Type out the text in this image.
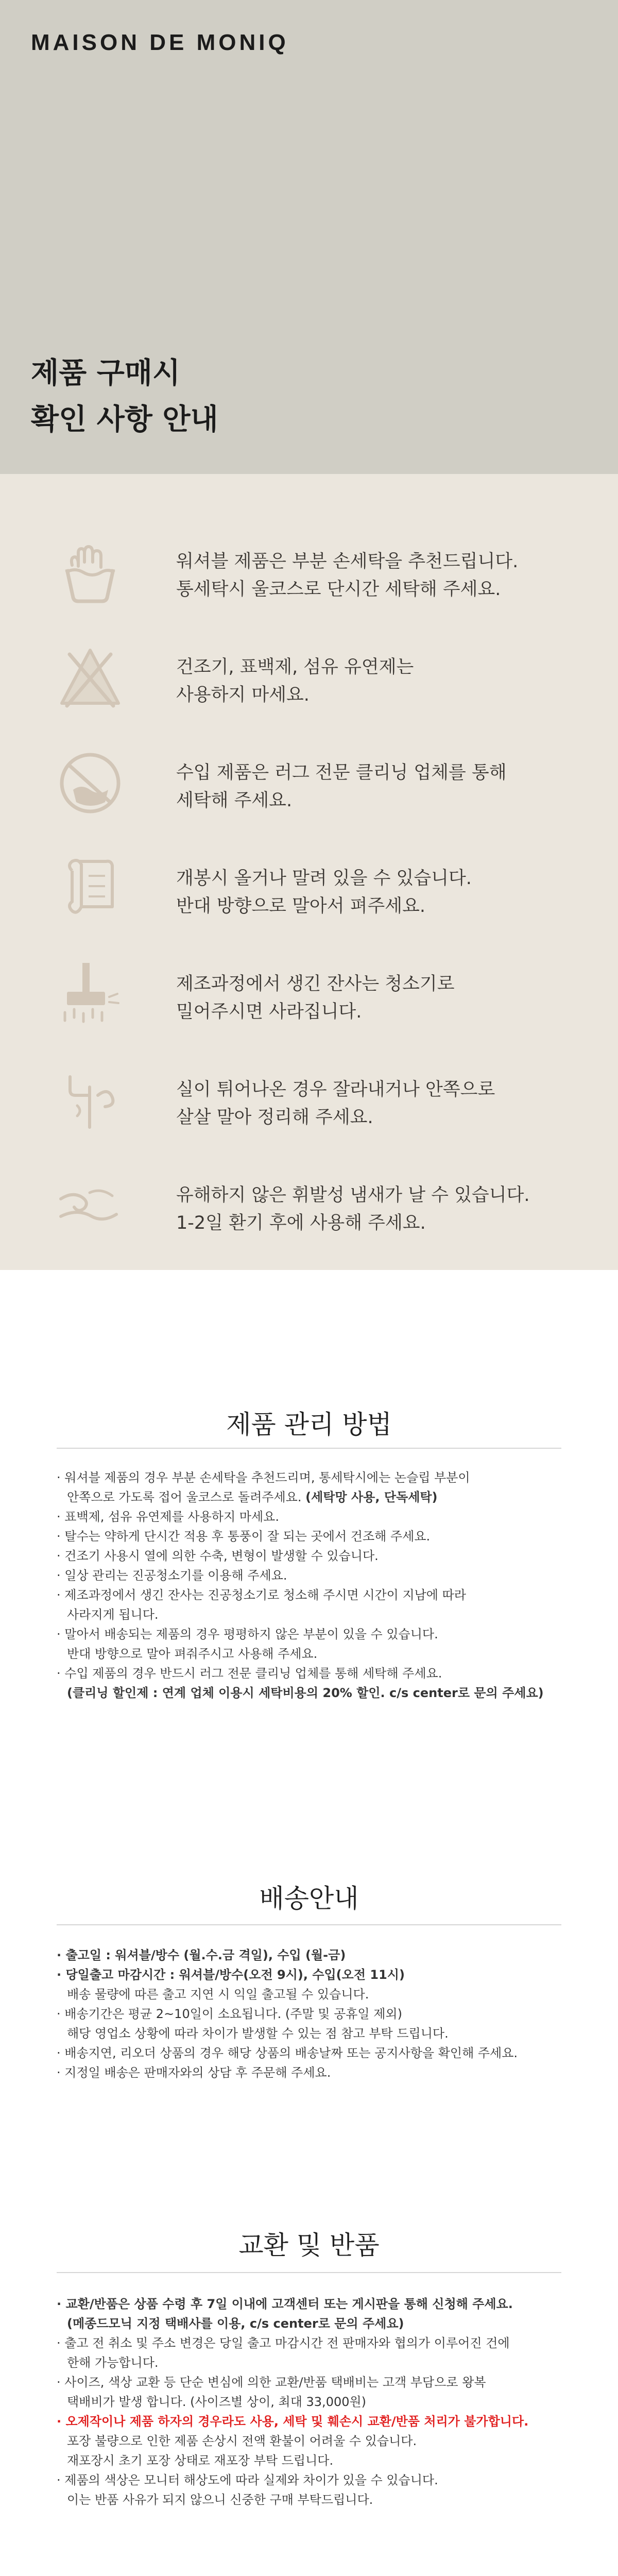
MAISON DE MONIQ
제품 구매시
확인 사항 안내
워셔블 제품은 부분 손세탁을 추천드립니다.
통세탁시 울코스로 단시간 세탁해 주세요.
건조기, 표백제, 섬유 유연제는
사용하지 마세요.
수입 제품은 러그 전문 클리닝 업체를 통해
세탁해 주세요.
개봉시 올거나 말려 있을 수 있습니다.
반대 방향으로 말아서 펴주세요.
제조과정에서 생긴 잔사는 청소기로
밀어주시면 사라집니다.
실이 튀어나온 경우 잘라내거나 안쪽으로
살살 말아 정리해 주세요.
유해하지 않은 휘발성 냄새가 날 수 있습니다.
1-2일 환기 후에 사용해 주세요.
제품 관리 방법
· 워셔블 제품의 경우 부분 손세탁을 추천드리며, 통세탁시에는 논슬립 부분이
안쪽으로 가도록 접어 울코스로 돌려주세요. (세탁망 사용, 단독세탁)
· 표백제, 섬유 유연제를 사용하지 마세요.
· 탈수는 약하게 단시간 적용 후 통풍이 잘 되는 곳에서 건조해 주세요.
· 건조기 사용시 열에 의한 수축, 변형이 발생할 수 있습니다.
· 일상 관리는 진공청소기를 이용해 주세요.
· 제조과정에서 생긴 잔사는 진공청소기로 청소해 주시면 시간이 지남에 따라
사라지게 됩니다.
· 말아서 배송되는 제품의 경우 평평하지 않은 부분이 있을 수 있습니다.
반대 방향으로 말아 펴줘주시고 사용해 주세요.
· 수입 제품의 경우 반드시 러그 전문 클리닝 업체를 통해 세탁해 주세요.
(클리닝 할인제 : 연계 업체 이용시 세탁비용의 20% 할인. c/s center로 문의 주세요)
배송안내
· 출고일 : 워셔블/방수 (월.수.금 격일), 수입 (월-금)
· 당일출고 마감시간 : 워셔블/방수(오전 9시), 수입(오전 11시)
배송 물량에 따른 출고 지연 시 익일 출고될 수 있습니다.
· 배송기간은 평균 2~10일이 소요됩니다. (주말 및 공휴일 제외)
해당 영업소 상황에 따라 차이가 발생할 수 있는 점 참고 부탁 드립니다.
· 배송지연, 리오더 상품의 경우 해당 상품의 배송날짜 또는 공지사항을 확인해 주세요.
· 지정일 배송은 판매자와의 상담 후 주문해 주세요.
교환 및 반품
· 교환/반품은 상품 수령 후 7일 이내에 고객센터 또는 게시판을 통해 신청해 주세요.
(메종드모닉 지정 택배사를 이용, c/s center로 문의 주세요)
· 출고 전 취소 및 주소 변경은 당일 출고 마감시간 전 판매자와 협의가 이루어진 건에
한해 가능합니다.
· 사이즈, 색상 교환 등 단순 변심에 의한 교환/반품 택배비는 고객 부담으로 왕복
택배비가 발생 합니다. (사이즈별 상이, 최대 33,000원)
· 오제작이나 제품 하자의 경우라도 사용, 세탁 및 훼손시 교환/반품 처리가 불가합니다.
포장 불량으로 인한 제품 손상시 전액 환불이 어려울 수 있습니다.
재포장시 초기 포장 상태로 재포장 부탁 드립니다.
· 제품의 색상은 모니터 해상도에 따라 실제와 차이가 있을 수 있습니다.
이는 반품 사유가 되지 않으니 신중한 구매 부탁드립니다.
